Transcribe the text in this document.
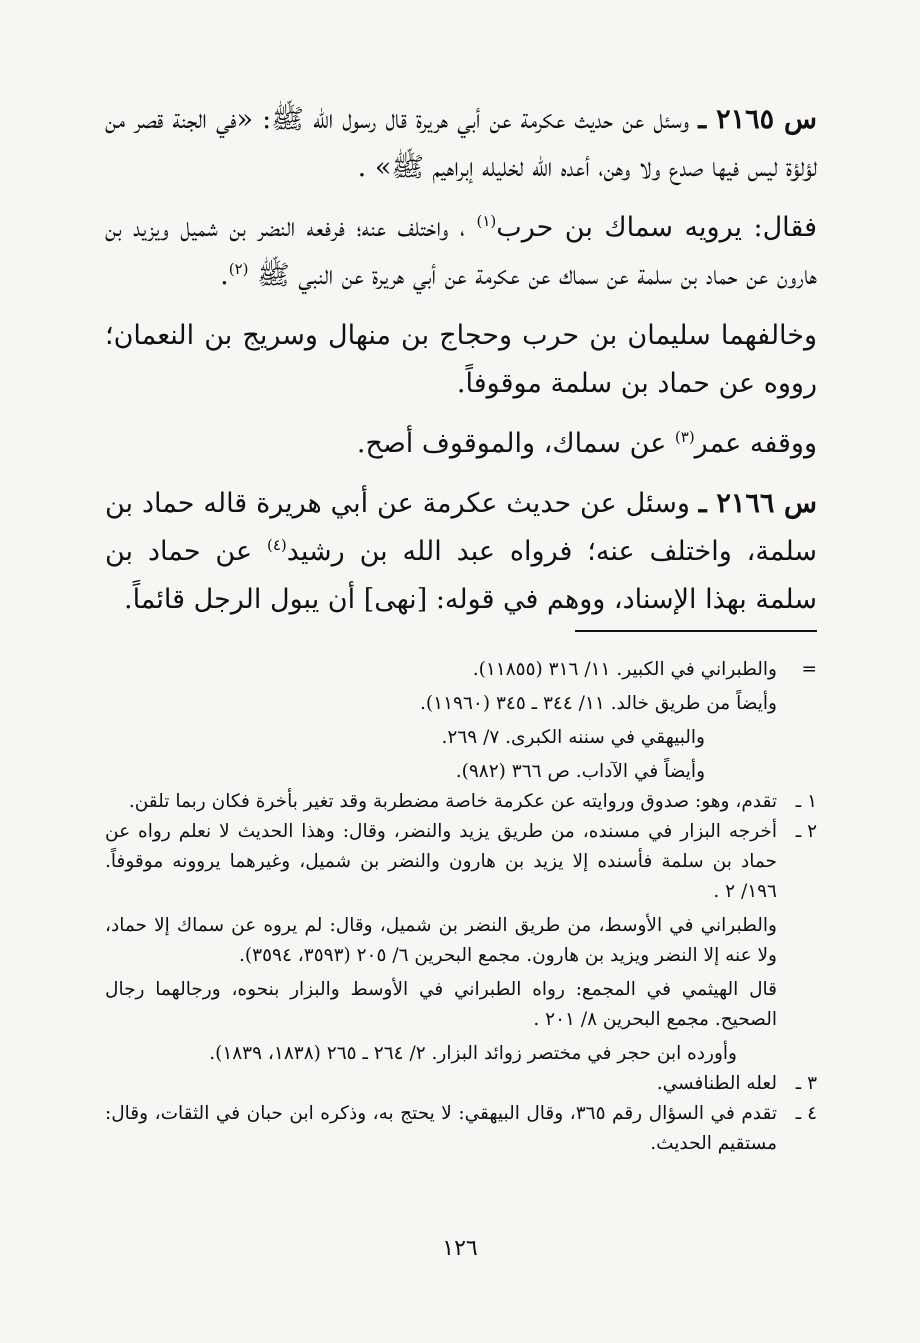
س ٢١٦٥ ـ وسئل عن حديث عكرمة عن أبي هريرة قال رسول الله ﷺ: «في الجنة قصر من لؤلؤة ليس فيها صدع ولا وهن، أعده الله لخليله إبراهيم ﷺ» .

فقال: يرويه سماك بن حرب$^{(١)}$ ، واختلف عنه؛ فرفعه النضر بن شميل ويزيد بن هارون عن حماد بن سلمة عن سماك عن عكرمة عن أبي هريرة عن النبي ﷺ $^{(٢)}$.

وخالفهما سليمان بن حرب وحجاج بن منهال وسريج بن النعمان؛ رووه عن حماد بن سلمة موقوفاً.

ووقفه عمر$^{(٣)}$ عن سماك، والموقوف أصح.

س ٢١٦٦ ـ وسئل عن حديث عكرمة عن أبي هريرة قاله حماد بن سلمة، واختلف عنه؛ فرواه عبد الله بن رشيد$^{(٤)}$ عن حماد بن سلمة بهذا الإسناد، ووهم في قوله: [نهى] أن يبول الرجل قائماً.

=

والطبراني في الكبير. ١١/ ٣١٦ (١١٨٥٥).

وأيضاً من طريق خالد. ١١/ ٣٤٤ ـ ٣٤٥ (١١٩٦٠).

والبيهقي في سننه الكبرى. ٧/ ٢٦٩.

وأيضاً في الآداب. ص ٣٦٦ (٩٨٢).

١ ـ

تقدم، وهو: صدوق وروايته عن عكرمة خاصة مضطربة وقد تغير بأخرة فكان ربما تلقن.

٢ ـ

أخرجه البزار في مسنده، من طريق يزيد والنضر، وقال: وهذا الحديث لا نعلم رواه عن حماد بن سلمة فأسنده إلا يزيد بن هارون والنضر بن شميل، وغيرهما يروونه موقوفاً. ١٩٦/ ٢ .

والطبراني في الأوسط، من طريق النضر بن شميل، وقال: لم يروه عن سماك إلا حماد، ولا عنه إلا النضر ويزيد بن هارون. مجمع البحرين ٦/ ٢٠٥ (٣٥٩٣، ٣٥٩٤).

قال الهيثمي في المجمع: رواه الطبراني في الأوسط والبزار بنحوه، ورجالهما رجال الصحيح. مجمع البحرين ٨/ ٢٠١ .

وأورده ابن حجر في مختصر زوائد البزار. ٢/ ٢٦٤ ـ ٢٦٥ (١٨٣٨، ١٨٣٩).

٣ ـ

لعله الطنافسي.

٤ ـ

تقدم في السؤال رقم ٣٦٥، وقال البيهقي: لا يحتج به، وذكره ابن حبان في الثقات، وقال: مستقيم الحديث.

١٢٦
